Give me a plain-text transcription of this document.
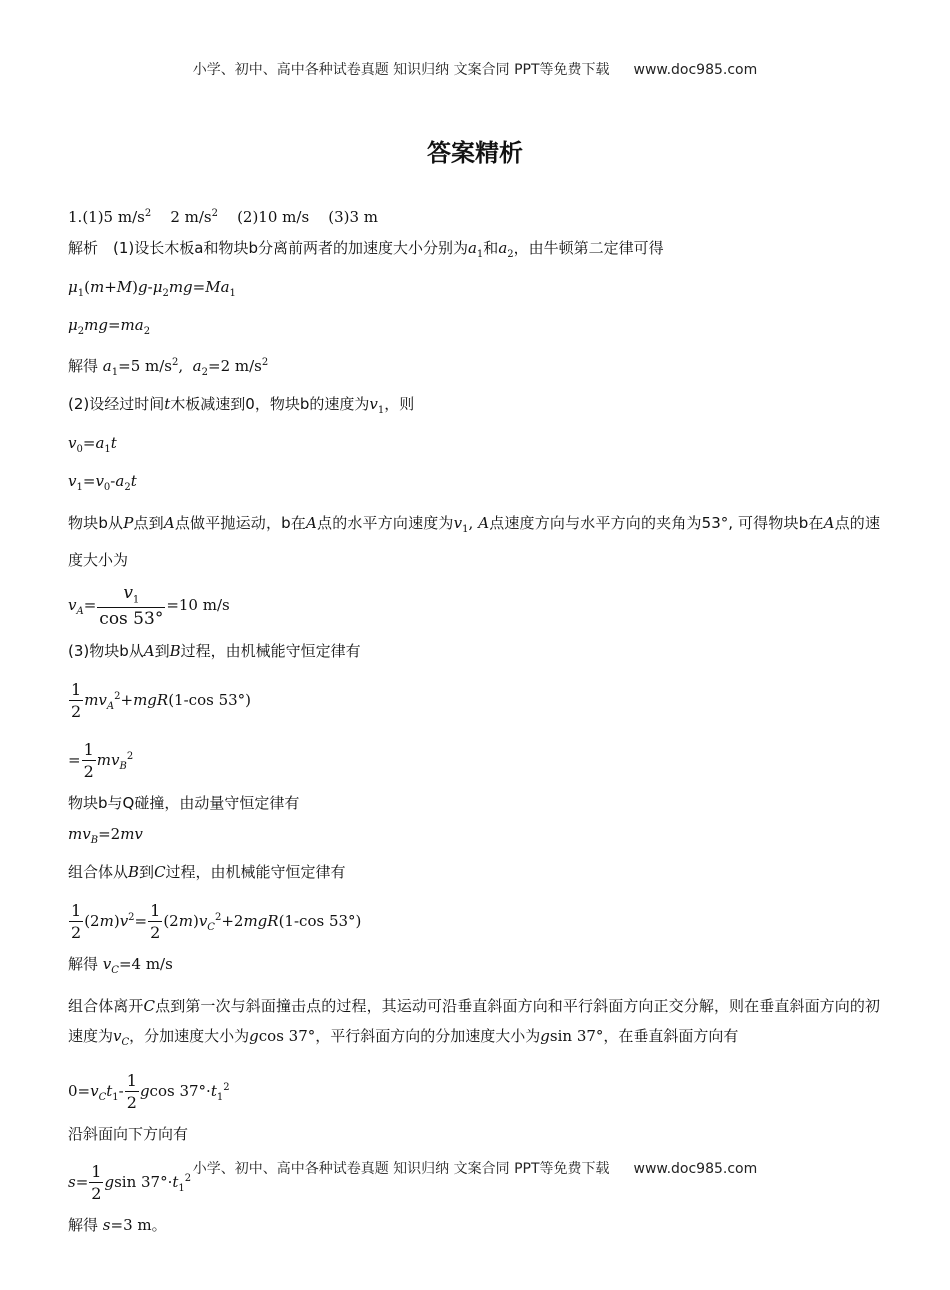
小学、初中、高中各种试卷真题 知识归纳 文案合同 PPT等免费下载 www.doc985.com
答案精析
1.(1)5 $m/s^2$ 2 $m/s^2$ (2)10 m/s (3)3 m
解析　(1)设长木板a和物块b分离前两者的加速度大小分别为$a_1$和$a_2$，由牛顿第二定律可得
$\mu_1(m+M)g-\mu_2mg=Ma_1$
$\mu_2mg=ma_2$
解得 $a_1=5$ $m/s^2$,  $a_2=2$ $m/s^2$
(2)设经过时间t木板减速到0，物块b的速度为$v_1$，则
$v_0=a_1t$
$v_1=v_0-a_2t$
物块b从P点到A点做平抛运动，b在A点的水平方向速度为$v_1$, A点速度方向与水平方向的夹角为53°, 可得物块b在A点的速度大小为
$v_A= \frac{v_1}{\cos 53^\circ} =10$ m/s
(3)物块b从A到B过程，由机械能守恒定律有
$\frac{1}{2} mv_A^2+mgR(1-\cos$ 53°)
= $\frac{1}{2} mv_B^2$
物块b与Q碰撞，由动量守恒定律有
$mv_B=2mv$
组合体从B到C过程，由机械能守恒定律有
$\frac{1}{2} (2m)v^2= \frac{1}{2} (2m)v_C^2+2mgR(1-\cos$ 53°)
解得 $v_C=4$ m/s
组合体离开C点到第一次与斜面撞击点的过程，其运动可沿垂直斜面方向和平行斜面方向正交分解，则在垂直斜面方向的初速度为$v_C$，分加速度大小为gcos 37°，平行斜面方向的分加速度大小为gsin 37°，在垂直斜面方向有
$0=v_Ct_1- \frac{1}{2}$ gcos $37^\circ\cdot t_1^2$
沿斜面向下方向有
$s= \frac{1}{2}$ gsin $37^\circ\cdot t_1^2$
解得 s=3 m。
小学、初中、高中各种试卷真题 知识归纳 文案合同 PPT等免费下载 www.doc985.com
